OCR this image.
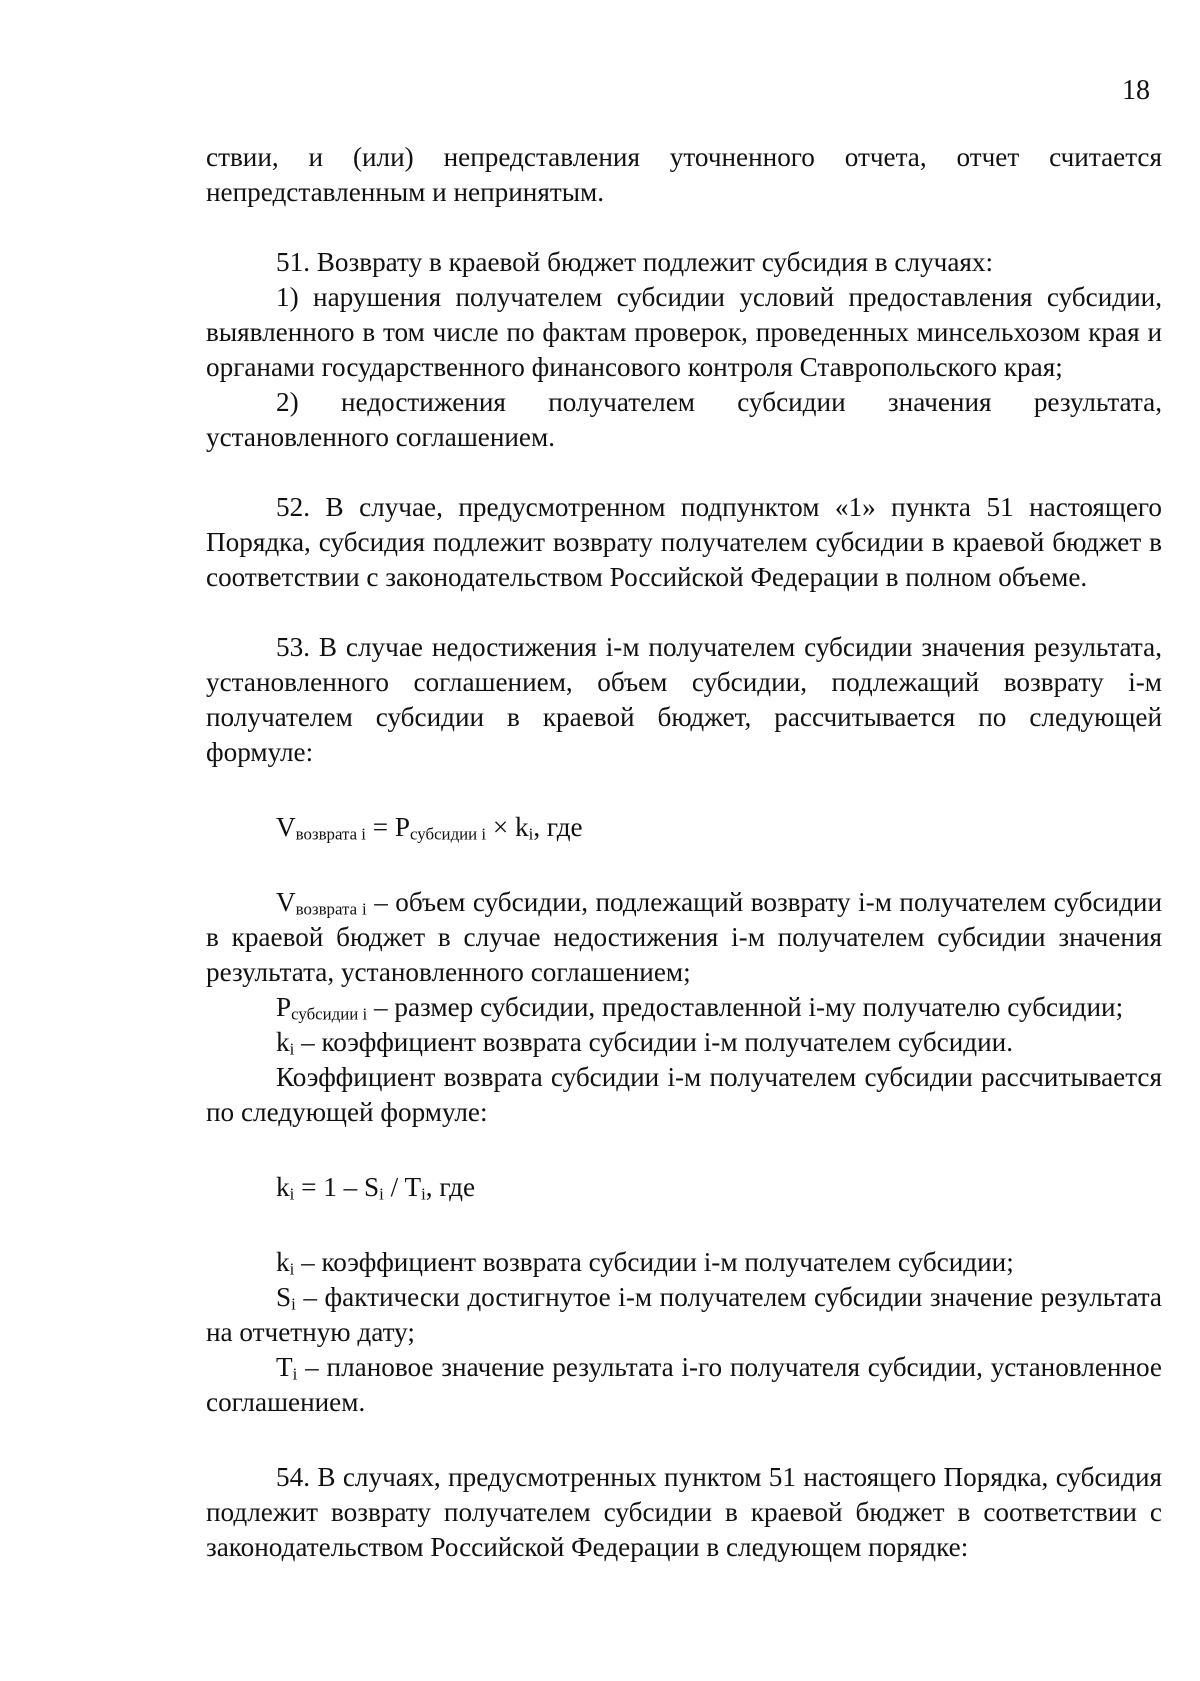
18

ствии, и (или) непредставления уточненного отчета, отчет считается непредставленным и непринятым.

51. Возврату в краевой бюджет подлежит субсидия в случаях:

1) нарушения получателем субсидии условий предоставления субсидии, выявленного в том числе по фактам проверок, проведенных минсельхозом края и органами государственного финансового контроля Ставропольского края;

2) недостижения получателем субсидии значения результата, установленного соглашением.

52. В случае, предусмотренном подпунктом «1» пункта 51 настоящего Порядка, субсидия подлежит возврату получателем субсидии в краевой бюджет в соответствии с законодательством Российской Федерации в полном объеме.

53. В случае недостижения i-м получателем субсидии значения результата, установленного соглашением, объем субсидии, подлежащий возврату i-м получателем субсидии в краевой бюджет, рассчитывается по следующей формуле:

$V_{возврата i} = P_{субсидии i} \times k_i$, где

$V_{возврата i}$ – объем субсидии, подлежащий возврату i-м получателем субсидии в краевой бюджет в случае недостижения i-м получателем субсидии значения результата, установленного соглашением;

$P_{субсидии i}$ – размер субсидии, предоставленной i-му получателю субсидии;

$k_i$ – коэффициент возврата субсидии i-м получателем субсидии.

Коэффициент возврата субсидии i-м получателем субсидии рассчитывается по следующей формуле:

$k_i = 1 - S_i / T_i$, где

$k_i$ – коэффициент возврата субсидии i-м получателем субсидии;

$S_i$ – фактически достигнутое i-м получателем субсидии значение результата на отчетную дату;

$T_i$ – плановое значение результата i-го получателя субсидии, установленное соглашением.

54. В случаях, предусмотренных пунктом 51 настоящего Порядка, субсидия подлежит возврату получателем субсидии в краевой бюджет в соответствии с законодательством Российской Федерации в следующем порядке:
